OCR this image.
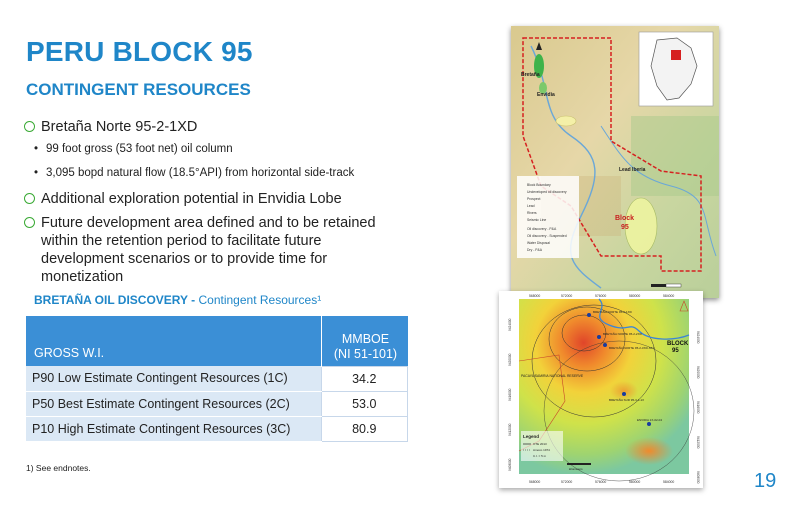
PERU BLOCK 95
CONTINGENT RESOURCES
Bretaña Norte 95-2-1XD
• 99 foot gross (53 foot net) oil column
• 3,095 bopd natural flow (18.5°API) from horizontal side-track
Additional exploration potential in Envidia Lobe
Future development area defined and to be retained within the retention period to facilitate future development scenarios or to provide time for monetization
BRETAÑA OIL DISCOVERY - Contingent Resources¹
GROSS W.I.	MMBOE
(NI 51-101)
P90 Low Estimate Contingent Resources (1C)	34.2
P50 Best Estimate Contingent Resources (2C)	53.0
P10 High Estimate Contingent Resources (3C)	80.9
1) See endnotes.
19
Block Boundary
Undeveloped oil discovery
Prospect
Lead
Rivers
Seismic Line
Oil discovery - P&A
Oil discovery - Suspended
Water Disposal
Dry - P&A
Bretaña
Envidia
Lead Iberia
Block
95
BRETAÑA NORTE 95-2-1XD
BRETAÑA NORTE 95-2-2XD
BRETAÑA NORTE 95-2-3XD-ST2
BRETAÑA SUR 95-3-4-1X
ENVIDIA 1X-02-04
PACAYA SAMIRIA NATIONAL RESERVE
BLOCK
95
Legend
OTE 2013
Amoco 1974
C.I. = 5 m
kilometers
568000	572000	576000	580000	584000
568000	572000	576000	580000	584000
9424000
9420000
9416000
9412000
9408000
9424000
9420000
9416000
9412000
9408000
